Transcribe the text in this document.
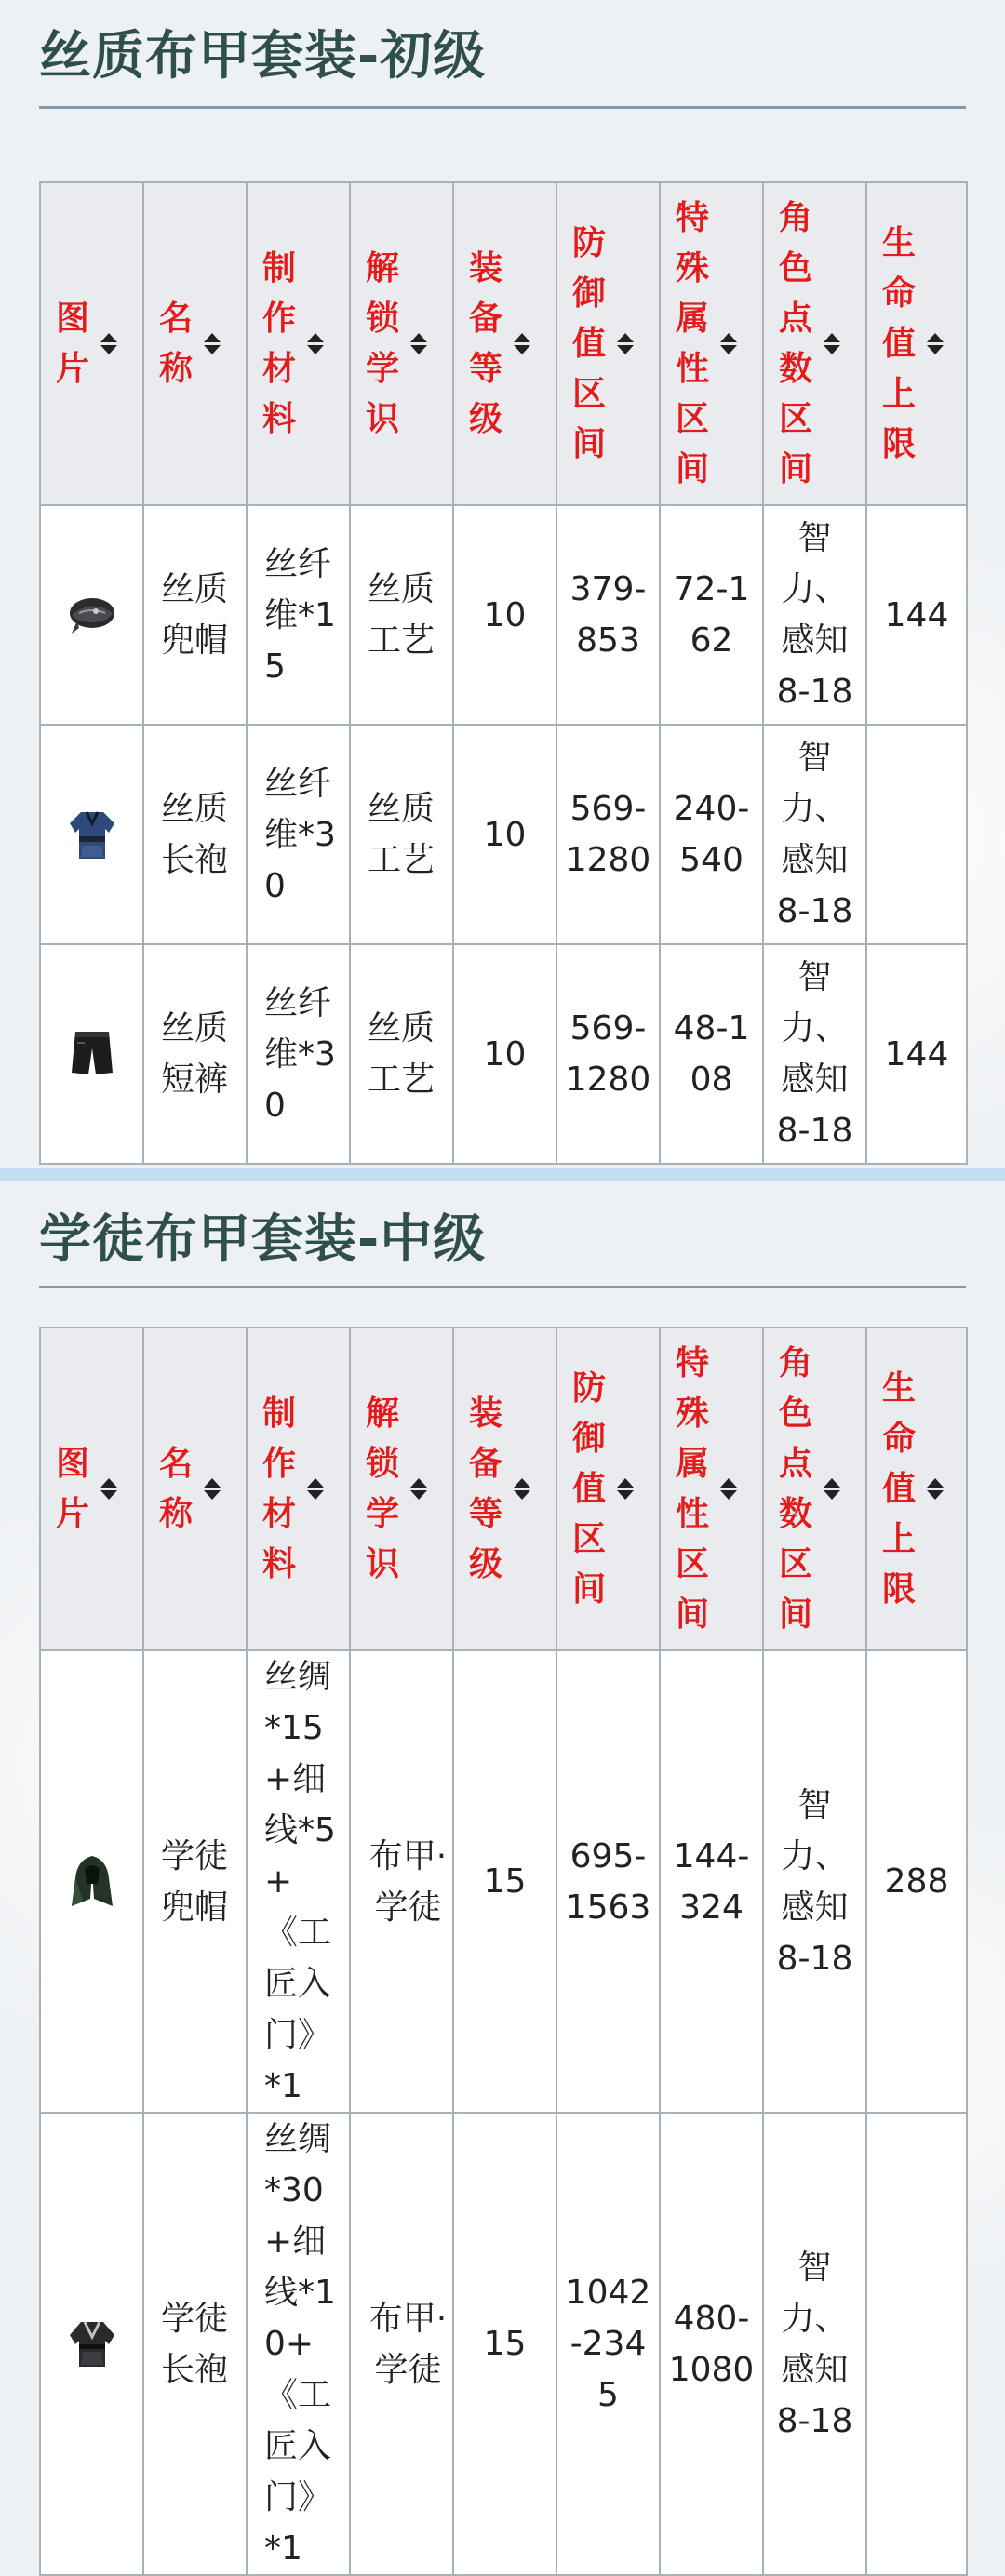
丝质布甲套装-初级
图片	名称	制作材料	解锁学识	装备等级	防御值区间	特殊属性区间	角色点数区间	生命值上限

	丝质兜帽	丝纤维*15	丝质工艺	10	379-853	72-162	智力、感知8-18	144

	丝质长袍	丝纤维*30	丝质工艺	10	569-1280	240-540	智力、感知8-18	

	丝质短裤	丝纤维*30	丝质工艺	10	569-1280	48-108	智力、感知8-18	144
学徒布甲套装-中级
图片	名称	制作材料	解锁学识	装备等级	防御值区间	特殊属性区间	角色点数区间	生命值上限

	学徒兜帽	丝绸*15+细线*5+《工匠入门》*1	布甲·学徒	15	695-1563	144-324	智力、感知8-18	288

	学徒长袍	丝绸*30+细线*10+《工匠入门》*1	布甲·学徒	15	1042-2345	480-1080	智力、感知8-18	
